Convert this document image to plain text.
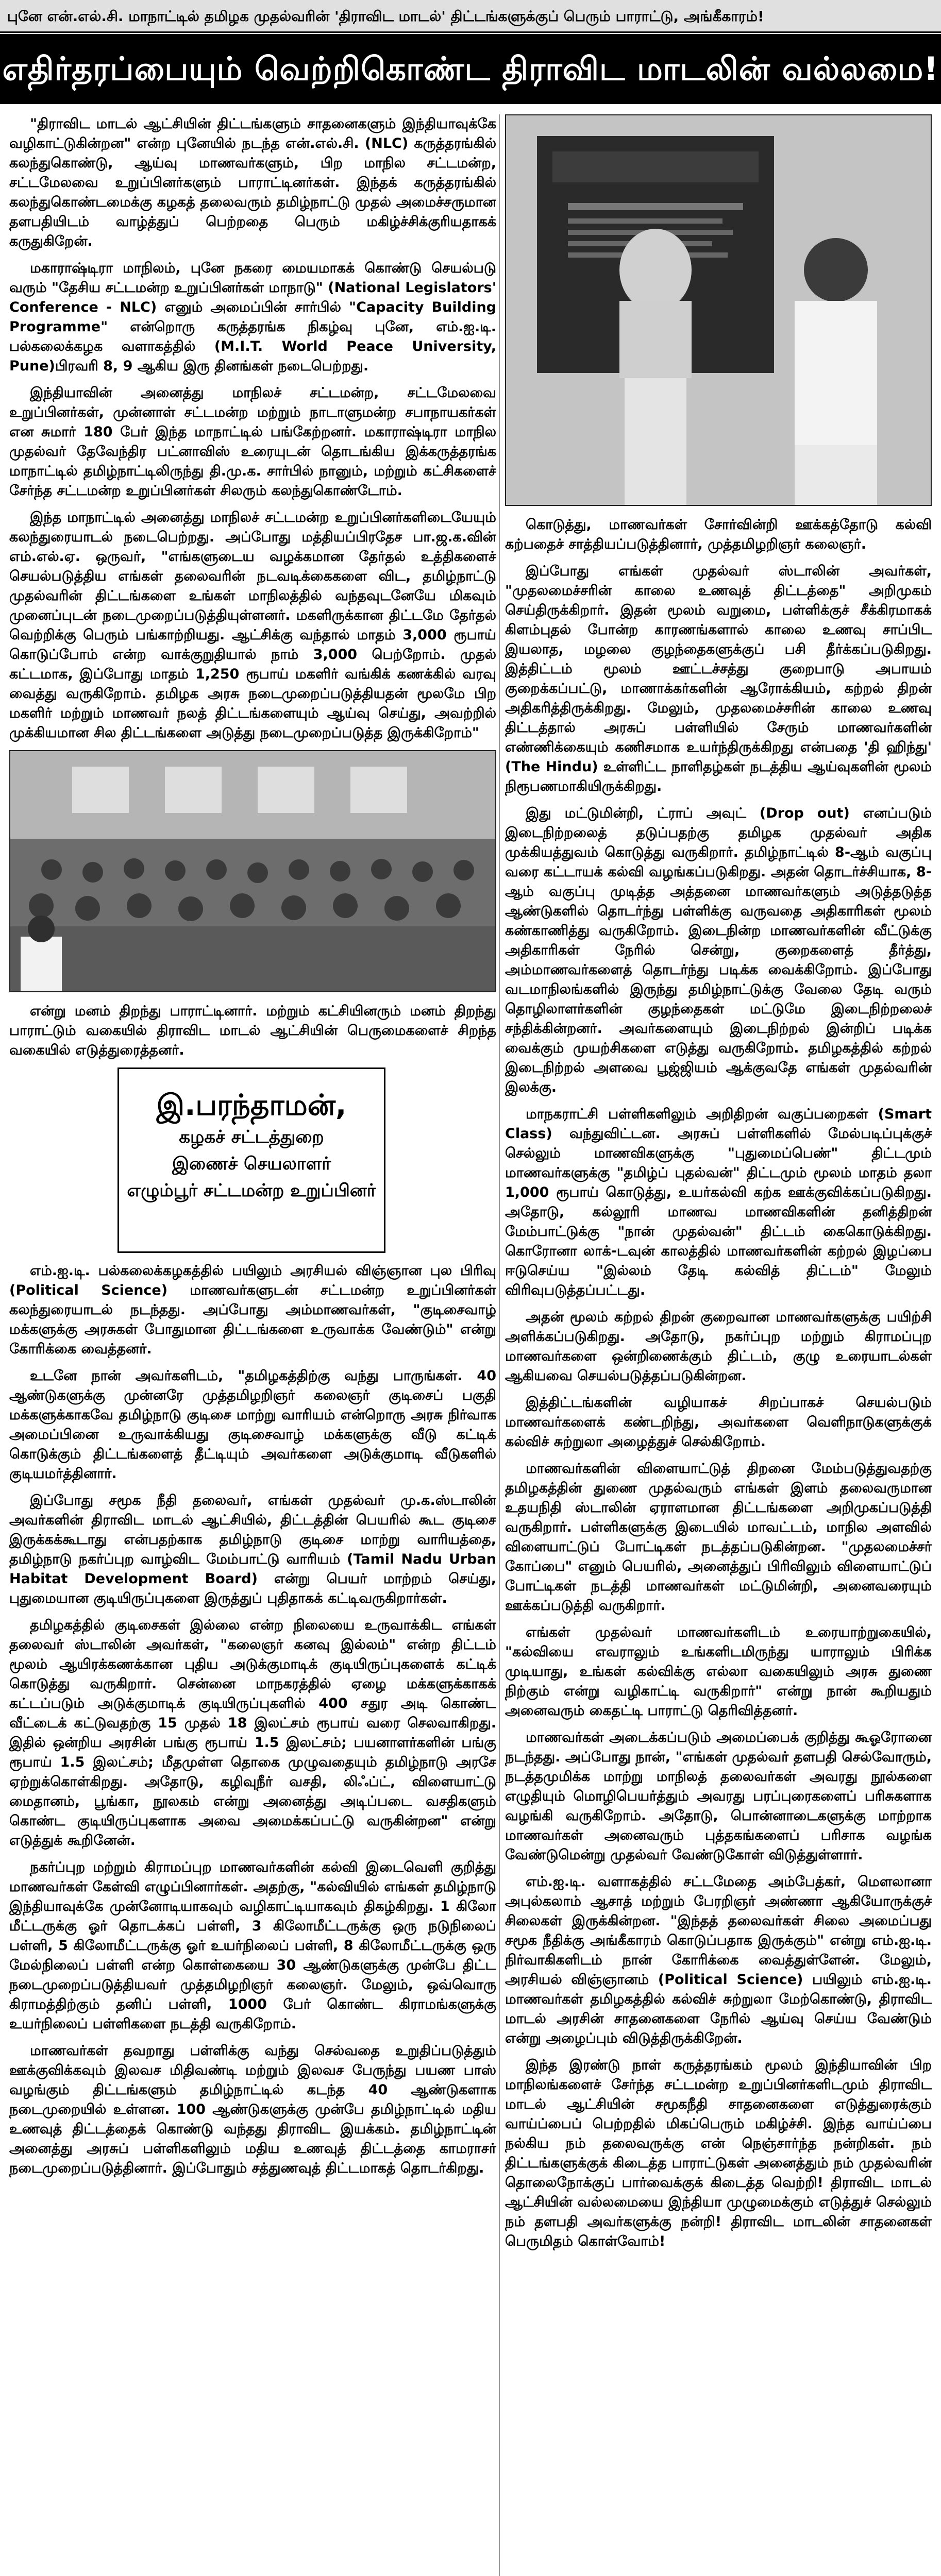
புனே என்.எல்.சி. மாநாட்டில் தமிழக முதல்வரின் 'திராவிட மாடல்' திட்டங்களுக்குப் பெரும் பாராட்டு, அங்கீகாரம்!
எதிர்தரப்பையும் வெற்றிகொண்ட திராவிட மாடலின் வல்லமை!

"திராவிட மாடல் ஆட்சியின் திட்டங்களும் சாதனைகளும் இந்தியாவுக்கே வழிகாட்டுகின்றன" என்ற புனேயில் நடந்த என்.எல்.சி. (NLC) கருத்தரங்கில் கலந்துகொண்டு, ஆய்வு மாணவர்களும், பிற மாநில சட்டமன்ற, சட்டமேலவை உறுப்பினர்களும் பாராட்டினர்கள். இந்தக் கருத்தரங்கில் கலந்துகொண்டமைக்கு கழகத் தலைவரும் தமிழ்நாட்டு முதல் அமைச்சருமான தளபதியிடம் வாழ்த்துப் பெற்றதை பெரும் மகிழ்ச்சிக்குரியதாகக் கருதுகிறேன்.

மகாராஷ்டிரா மாநிலம், புனே நகரை மையமாகக் கொண்டு செயல்படு வரும் "தேசிய சட்டமன்ற உறுப்பினர்கள் மாநாடு" (National Legislators' Conference - NLC) எனும் அமைப்பின் சார்பில் "Capacity Building Programme" என்றொரு கருத்தரங்க நிகழ்வு புனே, எம்.ஐ.டி. பல்கலைக்கழக வளாகத்தில் (M.I.T. World Peace University, Pune)பிரவரி 8, 9 ஆகிய இரு தினங்கள் நடைபெற்றது.

இந்தியாவின் அனைத்து மாநிலச் சட்டமன்ற, சட்டமேலவை உறுப்பினர்கள், முன்னாள் சட்டமன்ற மற்றும் நாடாளுமன்ற சபாநாயகர்கள் என சுமார் 180 பேர் இந்த மாநாட்டில் பங்கேற்றனர். மகாராஷ்டிரா மாநில முதல்வர் தேவேந்திர பட்னாவிஸ் உரையுடன் தொடங்கிய இக்கருத்தரங்க மாநாட்டில் தமிழ்நாட்டிலிருந்து தி.மு.க. சார்பில் நானும், மற்றும் கட்சிகளைச் சேர்ந்த சட்டமன்ற உறுப்பினர்கள் சிலரும் கலந்துகொண்டோம்.

இந்த மாநாட்டில் அனைத்து மாநிலச் சட்டமன்ற உறுப்பினர்களிடையேயும் கலந்துரையாடல் நடைபெற்றது. அப்போது மத்தியப்பிரதேச பா.ஜ.க.வின் எம்.எல்.ஏ. ஒருவர், "எங்களுடைய வழக்கமான தேர்தல் உத்திகளைச் செயல்படுத்திய எங்கள் தலைவரின் நடவடிக்கைகளை விட, தமிழ்நாட்டு முதல்வரின் திட்டங்களை உங்கள் மாநிலத்தில் வந்தவுடனேயே மிகவும் முனைப்புடன் நடைமுறைப்படுத்தியுள்ளனர். மகளிருக்கான திட்டமே தேர்தல் வெற்றிக்கு பெரும் பங்காற்றியது. ஆட்சிக்கு வந்தால் மாதம் 3,000 ரூபாய் கொடுப்போம் என்ற வாக்குறுதியால் நாம் 3,000 பெற்றோம். முதல் கட்டமாக, இப்போது மாதம் 1,250 ரூபாய் மகளிர் வங்கிக் கணக்கில் வரவு வைத்து வருகிறோம். தமிழக அரசு நடைமுறைப்படுத்தியதன் மூலமே பிற மகளிர் மற்றும் மாணவர் நலத் திட்டங்களையும் ஆய்வு செய்து, அவற்றில் முக்கியமான சில திட்டங்களை அடுத்து நடைமுறைப்படுத்த இருக்கிறோம்"

என்று மனம் திறந்து பாராட்டினார். மற்றும் கட்சியினரும் மனம் திறந்து பாராட்டும் வகையில் திராவிட மாடல் ஆட்சியின் பெருமைகளைச் சிறந்த வகையில் எடுத்துரைத்தனர்.

இ.பரந்தாமன்,
கழகச் சட்டத்துறை
இணைச் செயலாளர்
எழும்பூர் சட்டமன்ற உறுப்பினர்

எம்.ஐ.டி. பல்கலைக்கழகத்தில் பயிலும் அரசியல் விஞ்ஞான புல பிரிவு (Political Science) மாணவர்களுடன் சட்டமன்ற உறுப்பினர்கள் கலந்துரையாடல் நடந்தது. அப்போது அம்மாணவர்கள், "குடிசைவாழ் மக்களுக்கு அரசுகள் போதுமான திட்டங்களை உருவாக்க வேண்டும்" என்று கோரிக்கை வைத்தனர்.

உடனே நான் அவர்களிடம், "தமிழகத்திற்கு வந்து பாருங்கள். 40 ஆண்டுகளுக்கு முன்னரே முத்தமிழறிஞர் கலைஞர் குடிசைப் பகுதி மக்களுக்காகவே தமிழ்நாடு குடிசை மாற்று வாரியம் என்றொரு அரசு நிர்வாக அமைப்பினை உருவாக்கியது குடிசைவாழ் மக்களுக்கு வீடு கட்டிக் கொடுக்கும் திட்டங்களைத் தீட்டியும் அவர்களை அடுக்குமாடி வீடுகளில் குடியமர்த்தினார்.

இப்போது சமூக நீதி தலைவர், எங்கள் முதல்வர் மு.க.ஸ்டாலின் அவர்களின் திராவிட மாடல் ஆட்சியில், திட்டத்தின் பெயரில் கூட குடிசை இருக்கக்கூடாது என்பதற்காக தமிழ்நாடு குடிசை மாற்று வாரியத்தை, தமிழ்நாடு நகர்ப்புற வாழ்விட மேம்பாட்டு வாரியம் (Tamil Nadu Urban Habitat Development Board) என்று பெயர் மாற்றம் செய்து, புதுமையான குடியிருப்புகளை இருத்துப் புதிதாகக் கட்டிவருகிறார்கள்.

தமிழகத்தில் குடிசைகள் இல்லை என்ற நிலையை உருவாக்கிட எங்கள் தலைவர் ஸ்டாலின் அவர்கள், "கலைஞர் கனவு இல்லம்" என்ற திட்டம் மூலம் ஆயிரக்கணக்கான புதிய அடுக்குமாடிக் குடியிருப்புகளைக் கட்டிக் கொடுத்து வருகிறார். சென்னை மாநகரத்தில் ஏழை மக்களுக்காகக் கட்டப்படும் அடுக்குமாடிக் குடியிருப்புகளில் 400 சதுர அடி கொண்ட வீட்டைக் கட்டுவதற்கு 15 முதல் 18 இலட்சம் ரூபாய் வரை செலவாகிறது. இதில் ஒன்றிய அரசின் பங்கு ரூபாய் 1.5 இலட்சம்; பயனாளர்களின் பங்கு ரூபாய் 1.5 இலட்சம்; மீதமுள்ள தொகை முழுவதையும் தமிழ்நாடு அரசே ஏற்றுக்கொள்கிறது. அதோடு, கழிவுநீர் வசதி, லிஃப்ட், விளையாட்டு மைதானம், பூங்கா, நூலகம் என்று அனைத்து அடிப்படை வசதிகளும் கொண்ட குடியிருப்புகளாக அவை அமைக்கப்பட்டு வருகின்றன" என்று எடுத்துக் கூறினேன்.

நகர்ப்புற மற்றும் கிராமப்புற மாணவர்களின் கல்வி இடைவெளி குறித்து மாணவர்கள் கேள்வி எழுப்பினார்கள். அதற்கு, "கல்வியில் எங்கள் தமிழ்நாடு இந்தியாவுக்கே முன்னோடியாகவும் வழிகாட்டியாகவும் திகழ்கிறது. 1 கிலோ மீட்டருக்கு ஓர் தொடக்கப் பள்ளி, 3 கிலோமீட்டருக்கு ஒரு நடுநிலைப் பள்ளி, 5 கிலோமீட்டருக்கு ஓர் உயர்நிலைப் பள்ளி, 8 கிலோமீட்டருக்கு ஒரு மேல்நிலைப் பள்ளி என்ற கொள்கையை 30 ஆண்டுகளுக்கு முன்பே திட்ட நடைமுறைப்படுத்தியவர் முத்தமிழறிஞர் கலைஞர். மேலும், ஒவ்வொரு கிராமத்திற்கும் தனிப் பள்ளி, 1000 பேர் கொண்ட கிராமங்களுக்கு உயர்நிலைப் பள்ளிகளை நடத்தி வருகிறோம்.

மாணவர்கள் தவறாது பள்ளிக்கு வந்து செல்வதை உறுதிப்படுத்தும் ஊக்குவிக்கவும் இலவச மிதிவண்டி மற்றும் இலவச பேருந்து பயண பாஸ் வழங்கும் திட்டங்களும் தமிழ்நாட்டில் கடந்த 40 ஆண்டுகளாக நடைமுறையில் உள்ளன. 100 ஆண்டுகளுக்கு முன்பே தமிழ்நாட்டில் மதிய உணவுத் திட்டத்தைக் கொண்டு வந்தது திராவிட இயக்கம். தமிழ்நாட்டின் அனைத்து அரசுப் பள்ளிகளிலும் மதிய உணவுத் திட்டத்தை காமராசர் நடைமுறைப்படுத்தினார். இப்போதும் சத்துணவுத் திட்டமாகத் தொடர்கிறது.

கொடுத்து, மாணவர்கள் சோர்வின்றி ஊக்கத்தோடு கல்வி கற்பதைச் சாத்தியப்படுத்தினார், முத்தமிழறிஞர் கலைஞர்.

இப்போது எங்கள் முதல்வர் ஸ்டாலின் அவர்கள், "முதலமைச்சரின் காலை உணவுத் திட்டத்தை" அறிமுகம் செய்திருக்கிறார். இதன் மூலம் வறுமை, பள்ளிக்குச் சீக்கிரமாகக் கிளம்புதல் போன்ற காரணங்களால் காலை உணவு சாப்பிட இயலாத, மழலை குழந்தைகளுக்குப் பசி தீர்க்கப்படுகிறது. இத்திட்டம் மூலம் ஊட்டச்சத்து குறைபாடு அபாயம் குறைக்கப்பட்டு, மாணாக்கர்களின் ஆரோக்கியம், கற்றல் திறன் அதிகரித்திருக்கிறது. மேலும், முதலமைச்சரின் காலை உணவு திட்டத்தால் அரசுப் பள்ளியில் சேரும் மாணவர்களின் எண்ணிக்கையும் கணிசமாக உயர்ந்திருக்கிறது என்பதை 'தி ஹிந்து' (The Hindu) உள்ளிட்ட நாளிதழ்கள் நடத்திய ஆய்வுகளின் மூலம் நிரூபணமாகியிருக்கிறது.

இது மட்டுமின்றி, ட்ராப் அவுட் (Drop out) எனப்படும் இடைநிற்றலைத் தடுப்பதற்கு தமிழக முதல்வர் அதிக முக்கியத்துவம் கொடுத்து வருகிறார். தமிழ்நாட்டில் 8-ஆம் வகுப்பு வரை கட்டாயக் கல்வி வழங்கப்படுகிறது. அதன் தொடர்ச்சியாக, 8-ஆம் வகுப்பு முடித்த அத்தனை மாணவர்களும் அடுத்தடுத்த ஆண்டுகளில் தொடர்ந்து பள்ளிக்கு வருவதை அதிகாரிகள் மூலம் கண்காணித்து வருகிறோம். இடைநின்ற மாணவர்களின் வீட்டுக்கு அதிகாரிகள் நேரில் சென்று, குறைகளைத் தீர்த்து, அம்மாணவர்களைத் தொடர்ந்து படிக்க வைக்கிறோம். இப்போது வடமாநிலங்களில் இருந்து தமிழ்நாட்டுக்கு வேலை தேடி வரும் தொழிலாளர்களின் குழந்தைகள் மட்டுமே இடைநிற்றலைச் சந்திக்கின்றனர். அவர்களையும் இடைநிற்றல் இன்றிப் படிக்க வைக்கும் முயற்சிகளை எடுத்து வருகிறோம். தமிழகத்தில் கற்றல் இடைநிற்றல் அளவை பூஜ்ஜியம் ஆக்குவதே எங்கள் முதல்வரின் இலக்கு.

மாநகராட்சி பள்ளிகளிலும் அறிதிறன் வகுப்பறைகள் (Smart Class) வந்துவிட்டன. அரசுப் பள்ளிகளில் மேல்படிப்புக்குச் செல்லும் மாணவிகளுக்கு "புதுமைப்பெண்" திட்டமும் மாணவர்களுக்கு "தமிழ்ப் புதல்வன்" திட்டமும் மூலம் மாதம் தலா 1,000 ரூபாய் கொடுத்து, உயர்கல்வி கற்க ஊக்குவிக்கப்படுகிறது. அதோடு, கல்லூரி மாணவ மாணவிகளின் தனித்திறன் மேம்பாட்டுக்கு "நான் முதல்வன்" திட்டம் கைகொடுக்கிறது. கொரோனா லாக்-டவுன் காலத்தில் மாணவர்களின் கற்றல் இழப்பை ஈடுசெய்ய "இல்லம் தேடி கல்வித் திட்டம்" மேலும் விரிவுபடுத்தப்பட்டது.

அதன் மூலம் கற்றல் திறன் குறைவான மாணவர்களுக்கு பயிற்சி அளிக்கப்படுகிறது. அதோடு, நகர்ப்புற மற்றும் கிராமப்புற மாணவர்களை ஒன்றிணைக்கும் திட்டம், குழு உரையாடல்கள் ஆகியவை செயல்படுத்தப்படுகின்றன.

இத்திட்டங்களின் வழியாகச் சிறப்பாகச் செயல்படும் மாணவர்களைக் கண்டறிந்து, அவர்களை வெளிநாடுகளுக்குக் கல்விச் சுற்றுலா அழைத்துச் செல்கிறோம்.

மாணவர்களின் விளையாட்டுத் திறனை மேம்படுத்துவதற்கு தமிழகத்தின் துணை முதல்வரும் எங்கள் இளம் தலைவருமான உதயநிதி ஸ்டாலின் ஏராளமான திட்டங்களை அறிமுகப்படுத்தி வருகிறார். பள்ளிகளுக்கு இடையில் மாவட்டம், மாநில அளவில் விளையாட்டுப் போட்டிகள் நடத்தப்படுகின்றன. "முதலமைச்சர் கோப்பை" எனும் பெயரில், அனைத்துப் பிரிவிலும் விளையாட்டுப் போட்டிகள் நடத்தி மாணவர்கள் மட்டுமின்றி, அனைவரையும் ஊக்கப்படுத்தி வருகிறார்.

எங்கள் முதல்வர் மாணவர்களிடம் உரையாற்றுகையில், "கல்வியை எவராலும் உங்களிடமிருந்து யாராலும் பிரிக்க முடியாது, உங்கள் கல்விக்கு எல்லா வகையிலும் அரசு துணை நிற்கும் என்று வழிகாட்டி வருகிறார்" என்று நான் கூறியதும் அனைவரும் கைதட்டி பாராட்டு தெரிவித்தனர்.

மாணவர்கள் அடைக்கப்படும் அமைப்பைக் குறித்து கூஓரோனை நடந்தது. அப்போது நான், "எங்கள் முதல்வர் தளபதி செல்வோரும், நடத்தமுமிக்க மாற்று மாநிலத் தலைவர்கள் அவரது நூல்களை எழுதியும் மொழிபெயர்த்தும் அவரது பரப்புரைகளைப் பரிசுகளாக வழங்கி வருகிறோம். அதோடு, பொன்னாடைகளுக்கு மாற்றாக மாணவர்கள் அனைவரும் புத்தகங்களைப் பரிசாக வழங்க வேண்டுமென்று முதல்வர் வேண்டுகோள் விடுத்துள்ளார்.

எம்.ஐ.டி. வளாகத்தில் சட்டமேதை அம்பேத்கர், மௌலானா அபுல்கலாம் ஆசாத் மற்றும் பேரறிஞர் அண்ணா ஆகியோருக்குச் சிலைகள் இருக்கின்றன. "இந்தத் தலைவர்கள் சிலை அமைப்பது சமூக நீதிக்கு அங்கீகாரம் கொடுப்பதாக இருக்கும்" என்று எம்.ஐ.டி. நிர்வாகிகளிடம் நான் கோரிக்கை வைத்துள்ளேன். மேலும், அரசியல் விஞ்ஞானம் (Political Science) பயிலும் எம்.ஐ.டி. மாணவர்கள் தமிழகத்தில் கல்விச் சுற்றுலா மேற்கொண்டு, திராவிட மாடல் அரசின் சாதனைகளை நேரில் ஆய்வு செய்ய வேண்டும் என்று அழைப்பும் விடுத்திருக்கிறேன்.

இந்த இரண்டு நாள் கருத்தரங்கம் மூலம் இந்தியாவின் பிற மாநிலங்களைச் சேர்ந்த சட்டமன்ற உறுப்பினர்களிடமும் திராவிட மாடல் ஆட்சியின் சமூகநீதி சாதனைகளை எடுத்துரைக்கும் வாய்ப்பைப் பெற்றதில் மிகப்பெரும் மகிழ்ச்சி. இந்த வாய்ப்பை நல்கிய நம் தலைவருக்கு என் நெஞ்சார்ந்த நன்றிகள். நம் திட்டங்களுக்குக் கிடைத்த பாராட்டுகள் அனைத்தும் நம் முதல்வரின் தொலைநோக்குப் பார்வைக்குக் கிடைத்த வெற்றி! திராவிட மாடல் ஆட்சியின் வல்லமையை இந்தியா முழுமைக்கும் எடுத்துச் செல்லும் நம் தளபதி அவர்களுக்கு நன்றி! திராவிட மாடலின் சாதனைகள் பெருமிதம் கொள்வோம்!
